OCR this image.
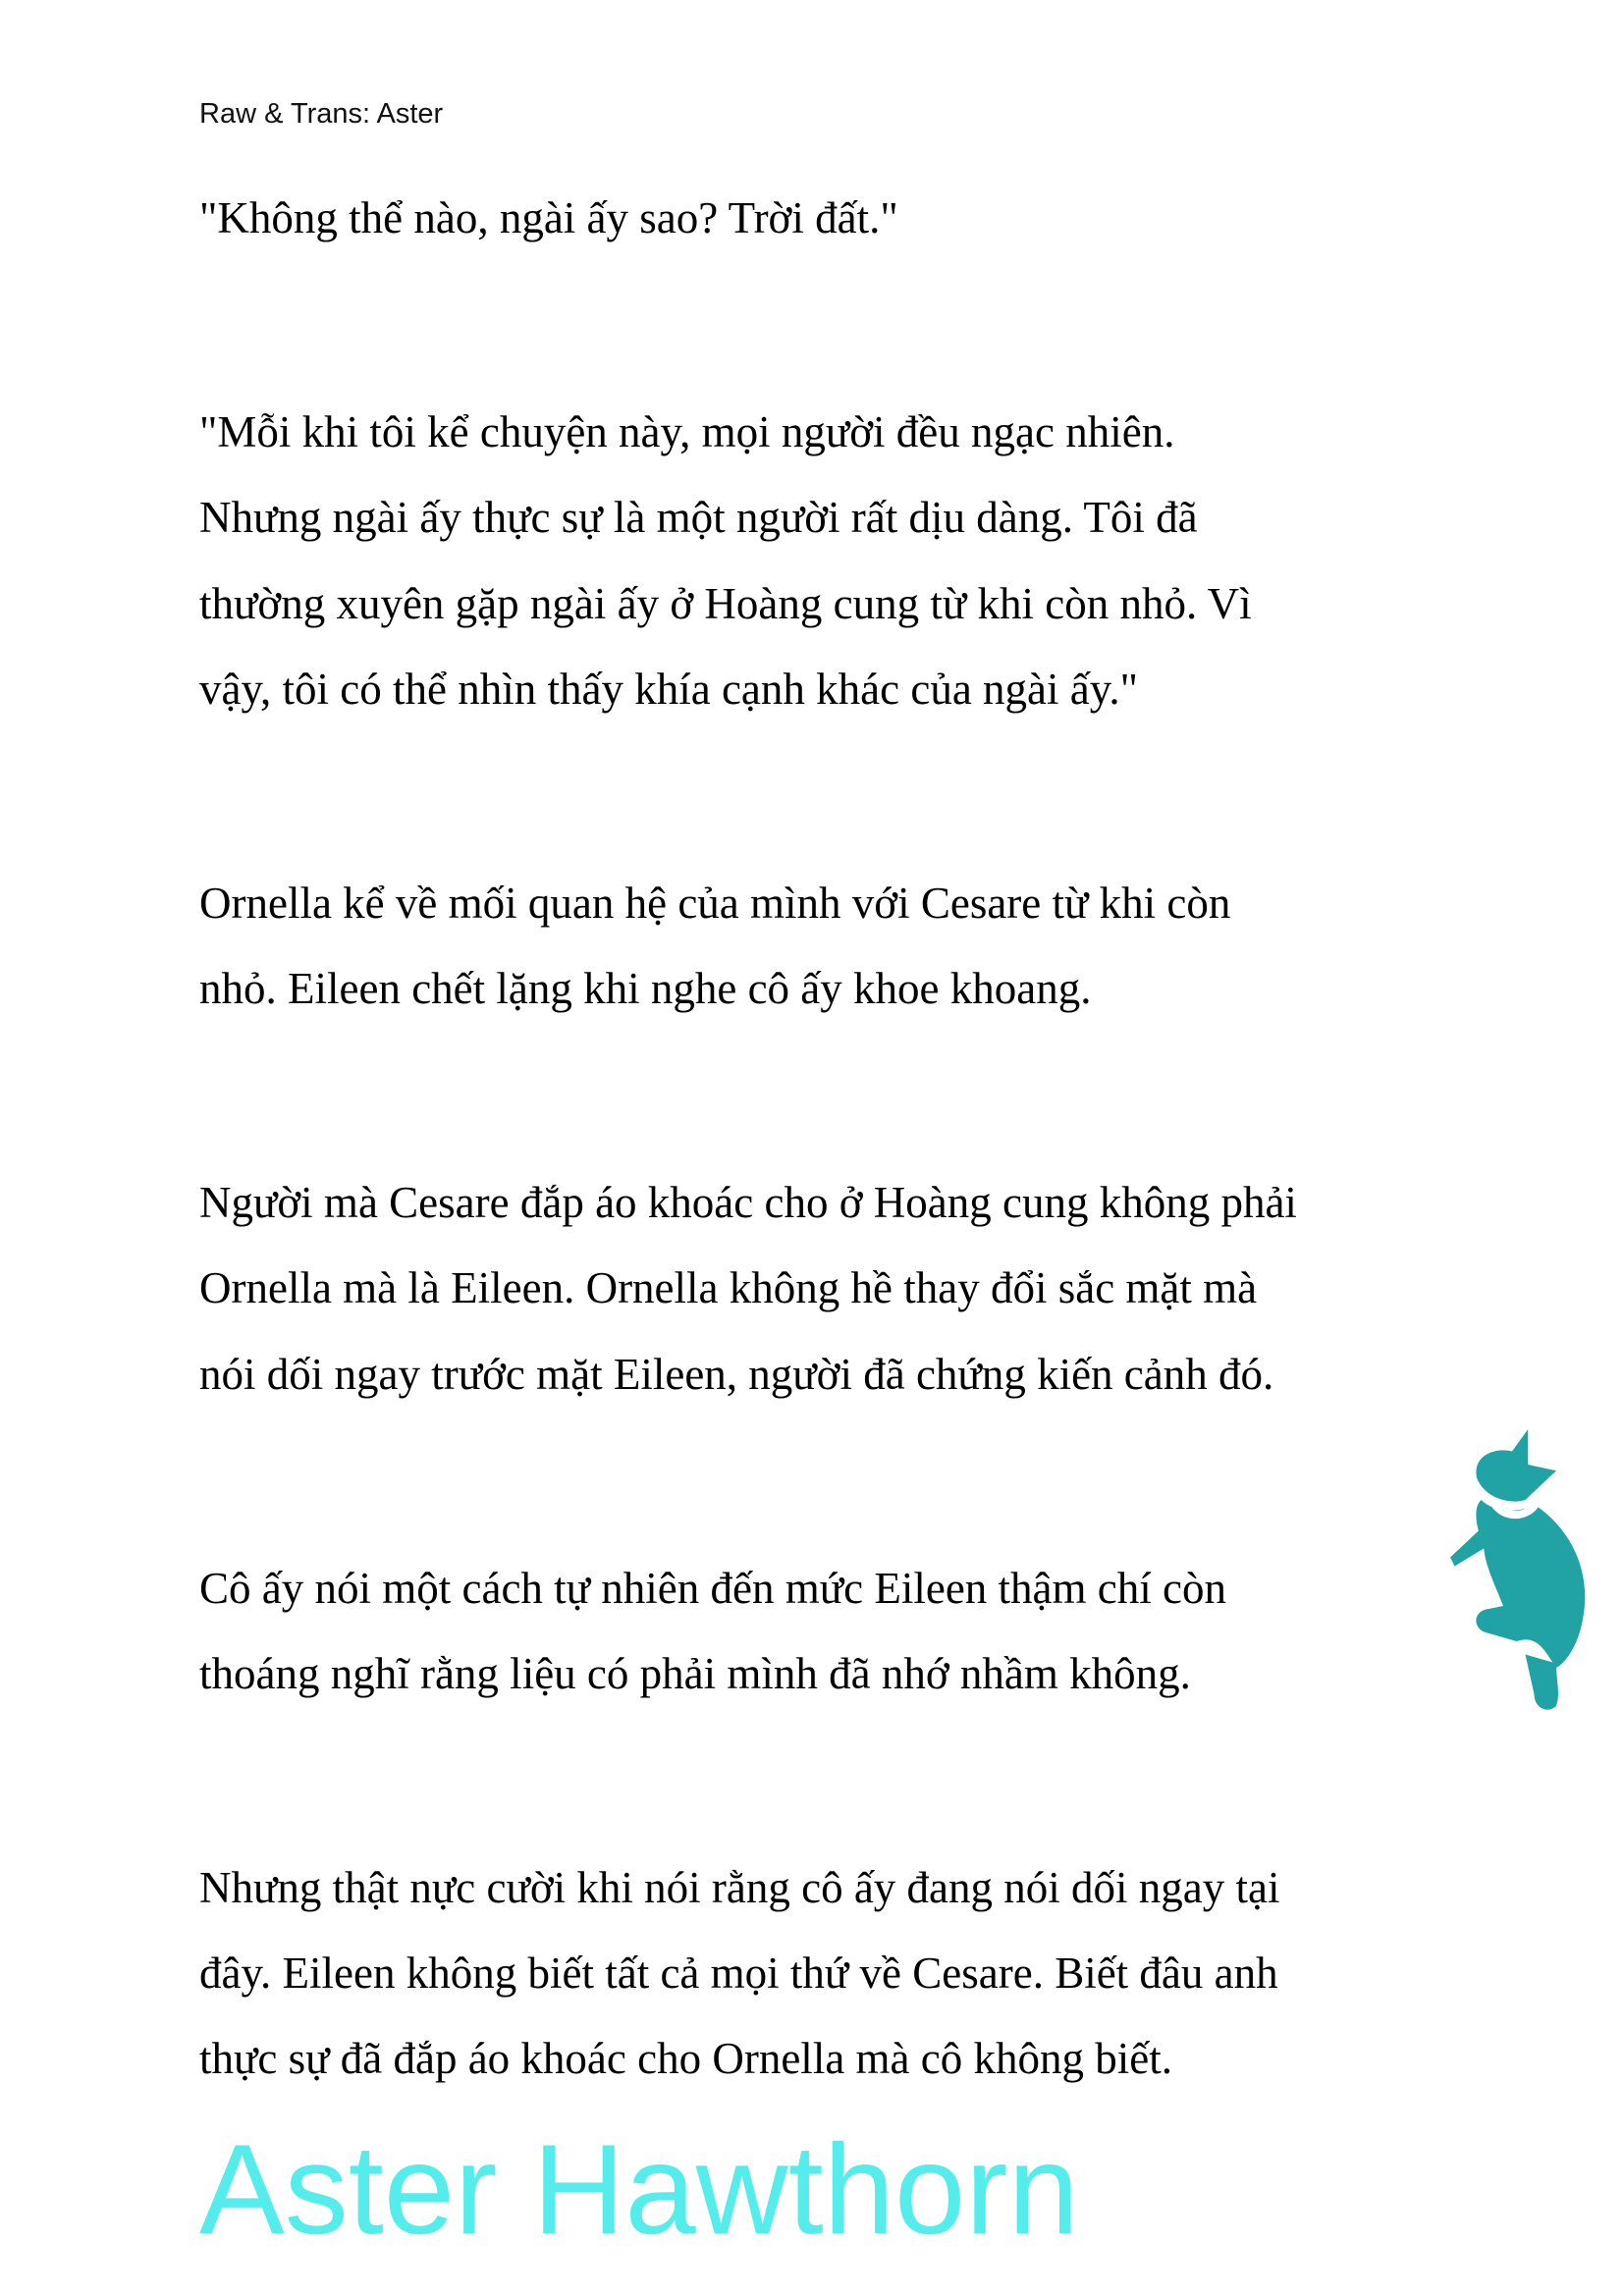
Raw & Trans: Aster
Aster Hawthorn
"Không thể nào, ngài ấy sao? Trời đất."
"Mỗi khi tôi kể chuyện này, mọi người đều ngạc nhiên.
Nhưng ngài ấy thực sự là một người rất dịu dàng. Tôi đã
thường xuyên gặp ngài ấy ở Hoàng cung từ khi còn nhỏ. Vì
vậy, tôi có thể nhìn thấy khía cạnh khác của ngài ấy."
Ornella kể về mối quan hệ của mình với Cesare từ khi còn
nhỏ. Eileen chết lặng khi nghe cô ấy khoe khoang.
Người mà Cesare đắp áo khoác cho ở Hoàng cung không phải
Ornella mà là Eileen. Ornella không hề thay đổi sắc mặt mà
nói dối ngay trước mặt Eileen, người đã chứng kiến cảnh đó.
Cô ấy nói một cách tự nhiên đến mức Eileen thậm chí còn
thoáng nghĩ rằng liệu có phải mình đã nhớ nhầm không.
Nhưng thật nực cười khi nói rằng cô ấy đang nói dối ngay tại
đây. Eileen không biết tất cả mọi thứ về Cesare. Biết đâu anh
thực sự đã đắp áo khoác cho Ornella mà cô không biết.
